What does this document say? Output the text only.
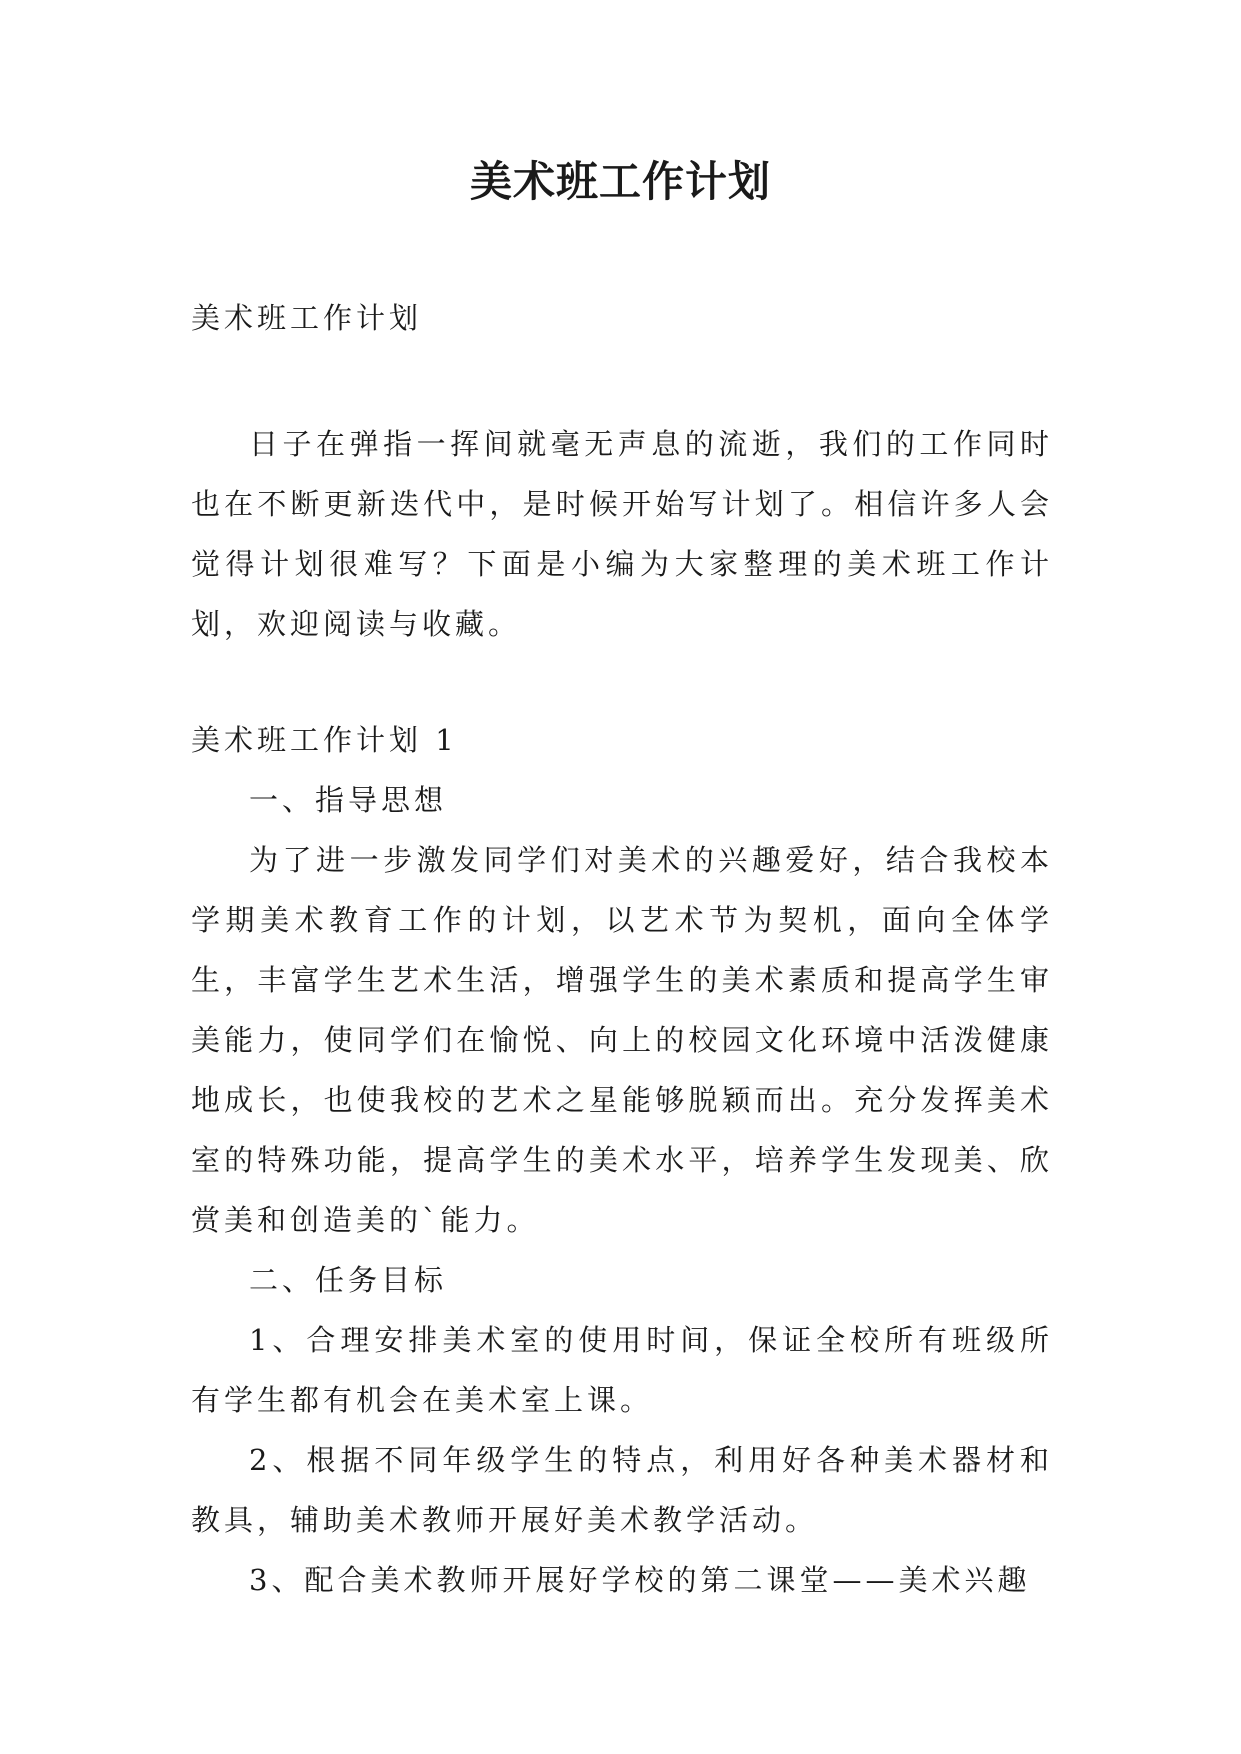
美术班工作计划

美术班工作计划

日子在弹指一挥间就毫无声息的流逝，我们的工作同时也在不断更新迭代中，是时候开始写计划了。相信许多人会觉得计划很难写？下面是小编为大家整理的美术班工作计划，欢迎阅读与收藏。

美术班工作计划 1

一、指导思想

为了进一步激发同学们对美术的兴趣爱好，结合我校本学期美术教育工作的计划，以艺术节为契机，面向全体学生，丰富学生艺术生活，增强学生的美术素质和提高学生审美能力，使同学们在愉悦、向上的校园文化环境中活泼健康地成长，也使我校的艺术之星能够脱颖而出。充分发挥美术室的特殊功能，提高学生的美术水平，培养学生发现美、欣赏美和创造美的`能力。

二、任务目标

1、合理安排美术室的使用时间，保证全校所有班级所有学生都有机会在美术室上课。

2、根据不同年级学生的特点，利用好各种美术器材和教具，辅助美术教师开展好美术教学活动。

3、配合美术教师开展好学校的第二课堂——美术兴趣
